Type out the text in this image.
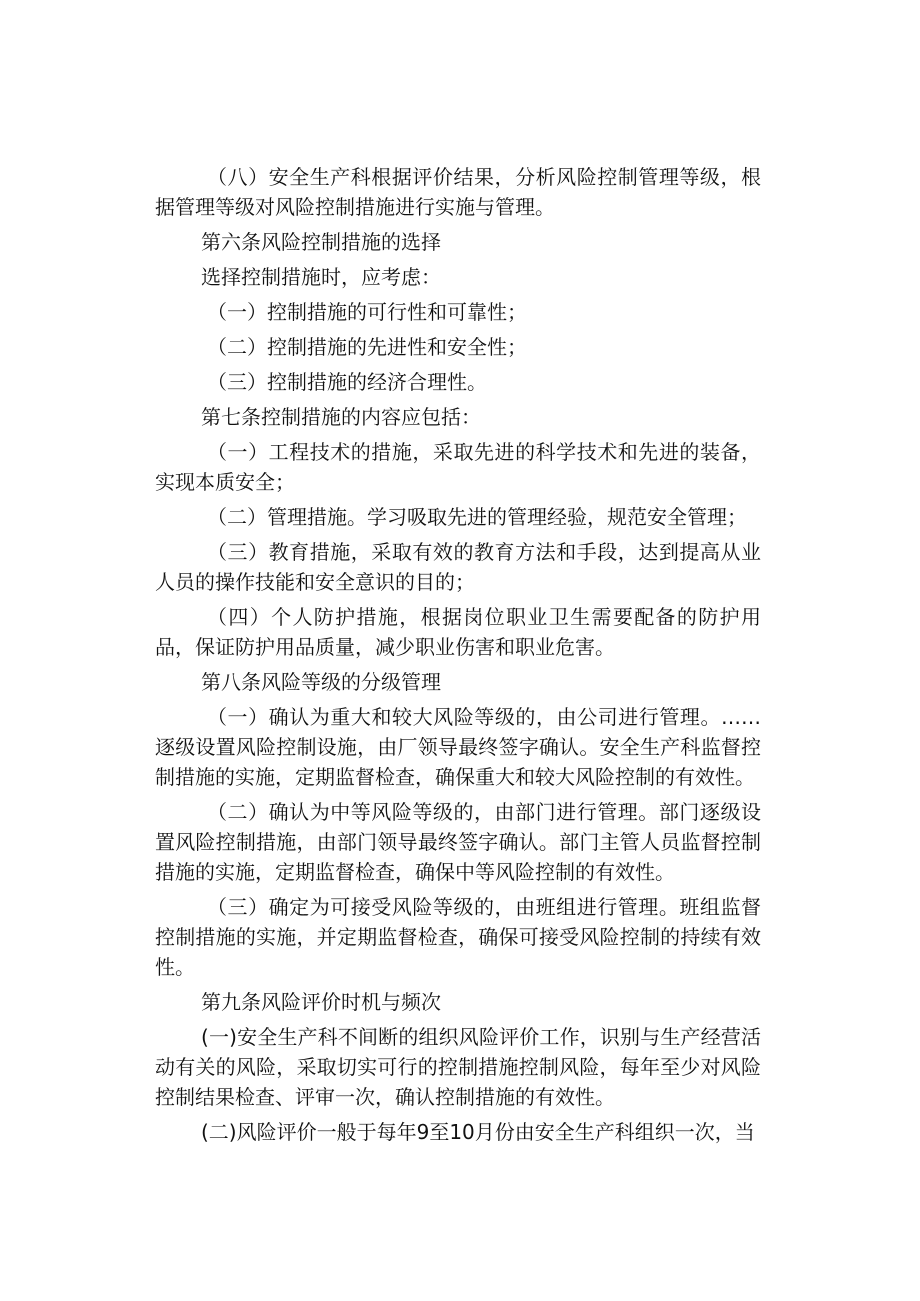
（八）安全生产科根据评价结果，分析风险控制管理等级，根据管理等级对风险控制措施进行实施与管理。

第六条风险控制措施的选择

选择控制措施时，应考虑：

（一）控制措施的可行性和可靠性；

（二）控制措施的先进性和安全性；

（三）控制措施的经济合理性。

第七条控制措施的内容应包括：

（一）工程技术的措施，采取先进的科学技术和先进的装备，实现本质安全；

（二）管理措施。学习吸取先进的管理经验，规范安全管理；

（三）教育措施，采取有效的教育方法和手段，达到提高从业人员的操作技能和安全意识的目的；

（四）个人防护措施，根据岗位职业卫生需要配备的防护用品，保证防护用品质量，减少职业伤害和职业危害。

第八条风险等级的分级管理

（一）确认为重大和较大风险等级的，由公司进行管理。……逐级设置风险控制设施，由厂领导最终签字确认。安全生产科监督控制措施的实施，定期监督检查，确保重大和较大风险控制的有效性。

（二）确认为中等风险等级的，由部门进行管理。部门逐级设置风险控制措施，由部门领导最终签字确认。部门主管人员监督控制措施的实施，定期监督检查，确保中等风险控制的有效性。

（三）确定为可接受风险等级的，由班组进行管理。班组监督控制措施的实施，并定期监督检查，确保可接受风险控制的持续有效性。

第九条风险评价时机与频次

(一)安全生产科不间断的组织风险评价工作，识别与生产经营活动有关的风险，采取切实可行的控制措施控制风险，每年至少对风险控制结果检查、评审一次，确认控制措施的有效性。

(二)风险评价一般于每年9至10月份由安全生产科组织一次，当
